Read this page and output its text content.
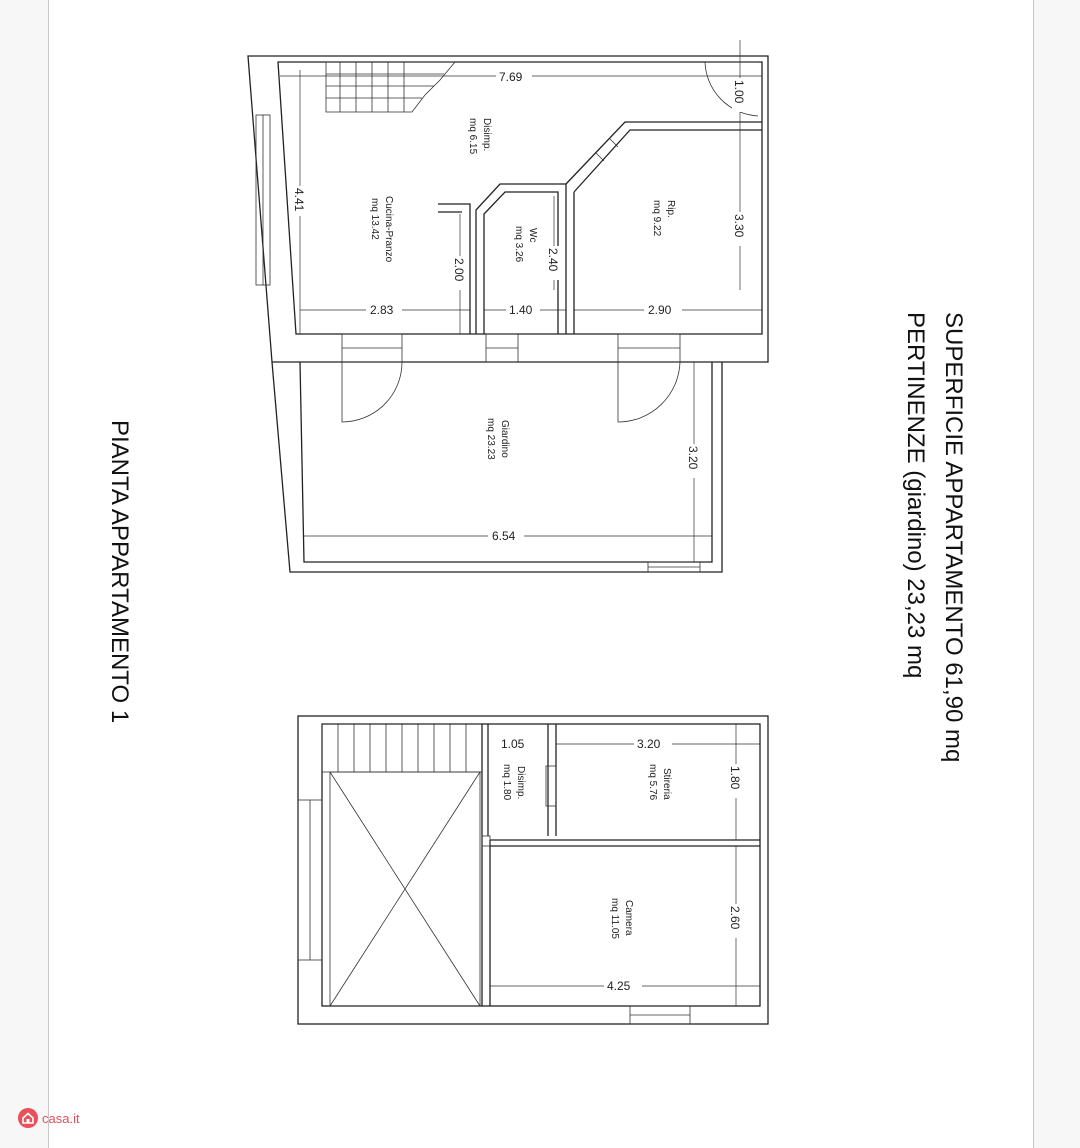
Disimp.
mq 6.15
Cucina-Pranzo
mq 13.42	Wc
mq 3.26
Rip.
mq 9.22
Giardino
mq 23.23
Disimp.
mq 1.80	Stireria
mq 5.76
Camera
mq 11.05
7.69
1.00
4.41
3.30
2.40
2.00
2.83	1.40	2.90
3.20
6.54
1.05	3.20
1.80
2.60
4.25
SUPERFICIE APPARTAMENTO 61,90 mq
PERTINENZE (giardino) 23,23 mq
PIANTA APPARTAMENTO 1
casa.it
